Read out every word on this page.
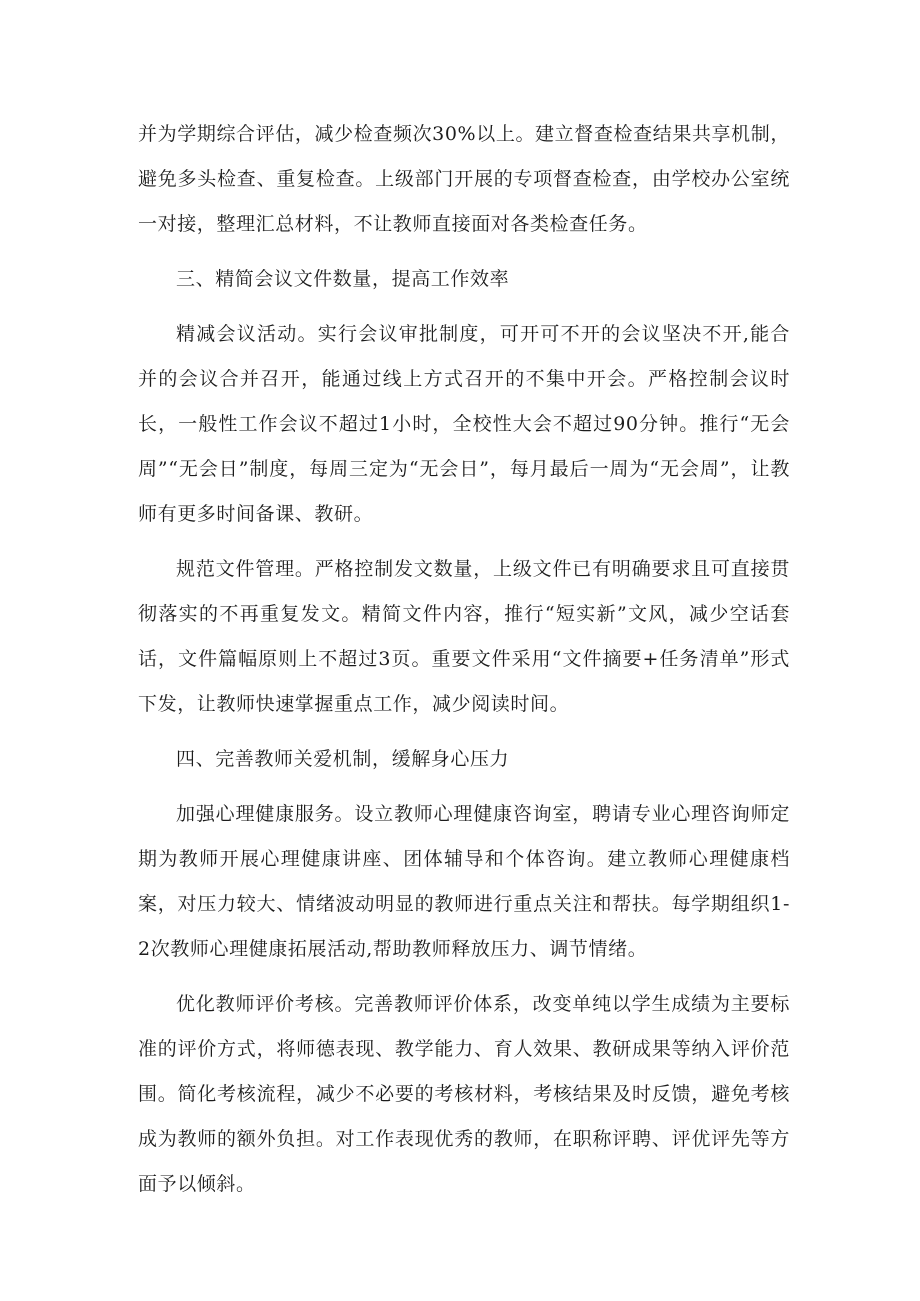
并为学期综合评估，减少检查频次30%以上。建立督查检查结果共享机制，避免多头检查、重复检查。上级部门开展的专项督查检查，由学校办公室统一对接，整理汇总材料，不让教师直接面对各类检查任务。

三、精简会议文件数量，提高工作效率

精减会议活动。实行会议审批制度，可开可不开的会议坚决不开,能合并的会议合并召开，能通过线上方式召开的不集中开会。严格控制会议时长，一般性工作会议不超过1小时，全校性大会不超过90分钟。推行“无会周”“无会日”制度，每周三定为“无会日”，每月最后一周为“无会周”，让教师有更多时间备课、教研。

规范文件管理。严格控制发文数量，上级文件已有明确要求且可直接贯彻落实的不再重复发文。精简文件内容，推行“短实新”文风，减少空话套话，文件篇幅原则上不超过3页。重要文件采用“文件摘要+任务清单”形式下发，让教师快速掌握重点工作，减少阅读时间。

四、完善教师关爱机制，缓解身心压力

加强心理健康服务。设立教师心理健康咨询室，聘请专业心理咨询师定期为教师开展心理健康讲座、团体辅导和个体咨询。建立教师心理健康档案，对压力较大、情绪波动明显的教师进行重点关注和帮扶。每学期组织1-2次教师心理健康拓展活动,帮助教师释放压力、调节情绪。

优化教师评价考核。完善教师评价体系，改变单纯以学生成绩为主要标准的评价方式，将师德表现、教学能力、育人效果、教研成果等纳入评价范围。简化考核流程，减少不必要的考核材料，考核结果及时反馈，避免考核成为教师的额外负担。对工作表现优秀的教师，在职称评聘、评优评先等方面予以倾斜。
